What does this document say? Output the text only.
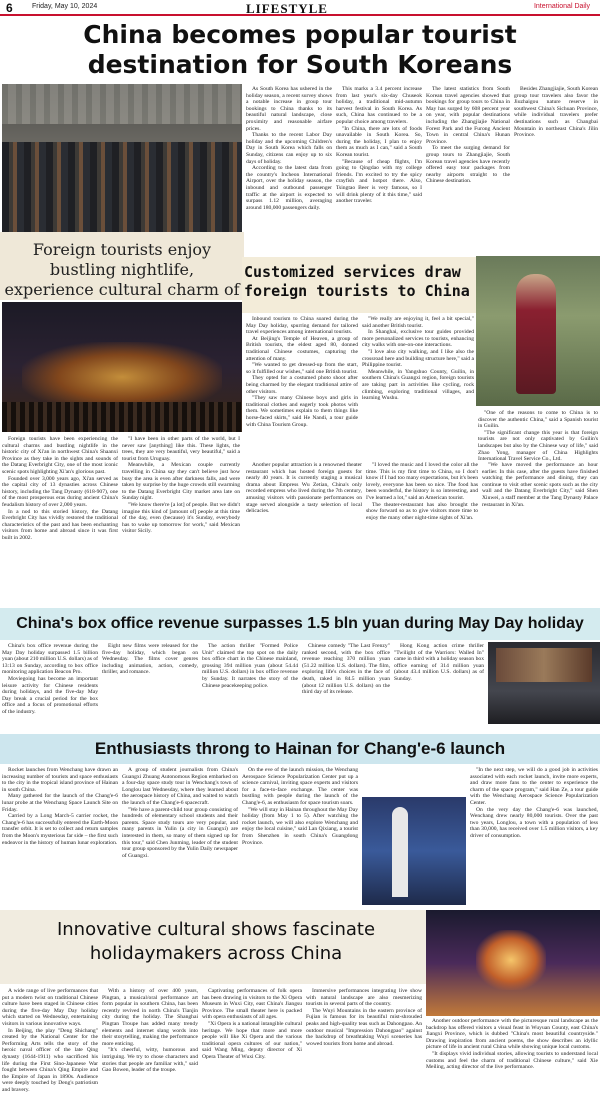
6	Friday, May 10, 2024	LIFESTYLE	International Daily
China becomes popular tourist destination for South Koreans

As South Korea has ushered in the holiday season, a recent survey shows a notable increase in group tour bookings to China thanks to its beautiful natural landscape, close proximity and reasonable airfare prices.

Thanks to the recent Labor Day holiday and the upcoming Children's Day in South Korea which falls on Sunday, citizens can enjoy up to six days of holiday.

According to the latest data from the country's Incheon International Airport, over the holiday season, the inbound and outbound passenger traffic at the airport is expected to surpass 1.12 million, averaging around 180,000 passengers daily.

This marks a 3.4 percent increase from last year's six-day Chuseok holiday, a traditional mid-autumn harvest festival in South Korea. As such, China has continued to be a popular choice among travelers.

"In China, there are lots of foods unavailable in South Korea. So, during the holiday, I plan to enjoy them as much as I can," said a South Korean tourist.

"Because of cheap flights, I'm going to Qingdao with my college friends. I'm excited to try the spicy crayfish and hotpot there. Also, Tsingtao Beer is very famous, so I will drink plenty of it this time," said another traveler.

The latest statistics from South Korean travel agencies showed that bookings for group tours to China in May has surged by 608 percent year on year, with popular destinations including the Zhangjiajie National Forest Park and the Furong Ancient Town in central China's Hunan Province.

To meet the surging demand for group tours to Zhangjiajie, South Korean travel agencies have recently offered easy tour packages from nearby airports straight to the Chinese destination.

Besides Zhangjiajie, South Korean group tour travelers also favor the Jiuzhaigou nature reserve in southwest China's Sichuan Province, while individual travelers prefer destinations such as Changbai Mountain in northeast China's Jilin Province.

Foreign tourists enjoy bustling nightlife, experience cultural charm of
Customized services draw foreign tourists to China

Inbound tourism to China soared during the May Day holiday, spurring demand for tailored travel experiences among international tourists.

At Beijing's Temple of Heaven, a group of British tourists, the eldest aged 80, donned traditional Chinese costumes, capturing the attention of many.

"We wanted to get dressed-up from the start, so it fulfilled our wishes," said one British tourist.

They opted for a costumed photo shoot after being charmed by the elegant traditional attire of other visitors.

"They saw many Chinese boys and girls in traditional clothes and eagerly took photos with them. We sometimes explain to them things like horse-faced skirts," said He Nandi, a tour guide with China Tourism Group.

"We really are enjoying it, feel a bit special," said another British tourist.

In Shanghai, exclusive tour guides provided more personalized services to tourists, enhancing city walks with one-on-one interactions.

"I love also city walking, and I like also the crossroad here and building structure here," said a Philippine tourist.

Meanwhile, in Yangshuo County, Guilin, in southern China's Guangxi region, foreign tourists are taking part in activities like cycling, rock climbing, exploring traditional villages, and learning Wushu.

"One of the reasons to come to China is to discover the authentic China," said a Spanish tourist in Guilin.

"The significant change this year is that foreign tourists are not only captivated by Guilin's landscapes but also by the Chinese way of life," said Zhao Yong, manager of China Highlights International Travel Service Co., Ltd.

Foreign tourists have been experiencing the cultural charms and bustling nightlife in the historic city of Xi'an in northwest China's Shaanxi Province as they take in the sights and sounds of the Datang Everbright City, one of the most iconic scenic spots highlighting Xi'an's glorious past.

Founded over 3,000 years ago, Xi'an served as the capital city of 13 dynasties across Chinese history, including the Tang Dynasty (618-907), one of the most prosperous eras during ancient China's feudalism history of over 2,000 years.

In a nod to this storied history, the Datang Everbright City has vividly restored the traditional characteristics of the past and has been enchanting visitors from home and abroad since it was first built in 2002.

"I have been in other parts of the world, but I never saw [anything] like this. These lights, the trees, they are very beautiful, very beautiful," said a tourist from Uruguay.

Meanwhile, a Mexican couple currently travelling in China say they can't believe just how busy the area is even after darkness falls, and were taken by surprise by the huge crowds still swarming to the Datang Everbright City market area late on Sunday night.

"We know there're [a lot] of people. But we didn't imagine this kind of [amount of] people at this time of the day, even (because) it's Sunday, everybody has to wake up tomorrow for work," said Mexican visitor Sicily.

Another popular attraction is a renowned theater restaurant which has hosted foreign guests for nearly 40 years. It is currently staging a musical drama about Empress Wu Zetian, China's only recorded empress who lived during the 7th century, amusing visitors with passionate performances on stage served alongside a tasty selection of local delicacies.

"I loved the music and I loved the color all the time. This is my first time to China, so I don't know if I had too many expectations, but it's been lovely, everyone has been so nice. The food has been wonderful, the history is so interesting, and I've learned a lot," said an American tourist.

The theater-restaurant has also brought the show forward so as to give visitors more time to enjoy the many other night-time sights of Xi'an.

"We have moved the performance an hour earlier. In this case, after the guests have finished watching the performance and dining, they can continue to visit other scenic spots such as the city wall and the Datang Everbright City," said Shen Xiuwei, a staff member at the Tang Dynasty Palace restaurant in Xi'an.

China's box office revenue surpasses 1.5 bln yuan during May Day holiday

China's box office revenue during the May Day holiday surpassed 1.5 billion yuan (about 210 million U.S. dollars) as of 13:13 on Sunday, according to box office monitoring application Beacon Pro.

Moviegoing has become an important leisure activity for Chinese residents during holidays, and the five-day May Day break a crucial period for the box office and a focus of promotional efforts of the industry.

Eight new films were released for the five-day holiday, which began on Wednesday. The films cover genres including animation, action, comedy, thriller, and romance.

The action thriller "Formed Police Unit" claimed the top spot on the daily box office chart in the Chinese mainland, grossing 394 million yuan (about 54.44 million U.S. dollars) in box office revenue by Sunday. It narrates the story of the Chinese peacekeeping police.

Chinese comedy "The Last Frenzy" ranked second, with the box office revenue reaching 370 million yuan (51.22 million U.S. dollars). The film, exploring life's choices in the face of death, raked in 84.5 million yuan (about 12 million U.S. dollars) on the third day of its release.

Hong Kong action crime thriller "Twilight of the Warriors: Walled In" came in third with a holiday season box office earning of 314 million yuan (about 43.4 million U.S. dollars) as of Sunday.

Enthusiasts throng to Hainan for Chang'e-6 launch

Rocket launches from Wenchang have drawn an increasing number of tourists and space enthusiasts to the city in the tropical island province of Hainan in south China.

Many gathered for the launch of the Chang'e-6 lunar probe at the Wenchang Space Launch Site on Friday.

Carried by a Long March-5 carrier rocket, the Chang'e-6 has successfully entered the Earth-Moon transfer orbit. It is set to collect and return samples from the Moon's mysterious far side – the first such endeavor in the history of human lunar exploration.

A group of student journalists from China's Guangxi Zhuang Autonomous Region embarked on a four-day space study tour in Wenchang's town of Longlou last Wednesday, where they learned about the aerospace history of China, and waited to watch the launch of the Chang'e-6 spacecraft.

"We have a parent-child tour group consisting of hundreds of elementary school students and their parents. Space study tours are very popular, and many parents in Yulin (a city in Guangxi) are interested in them, so many of them signed up for this tour," said Chen Junming, leader of the student tour group sponsored by the Yulin Daily newspaper of Guangxi.

On the eve of the launch mission, the Wenchang Aerospace Science Popularization Center put up a science carnival, inviting space experts and visitors for a face-to-face exchange. The center was bustling with people during the launch of the Chang'e-6, as enthusiasm for space tourism soars.

"We will stay in Hainan throughout the May Day holiday (from May 1 to 5). After watching the rocket launch, we will also explore Wenchang and enjoy the local cuisine," said Lan Qixiang, a tourist from Shenzhen in south China's Guangdong Province.

"In the next step, we will do a good job in activities associated with each rocket launch, invite more experts, and draw more fans to the center to experience the charm of the space program," said Han Ze, a tour guide with the Wenchang Aerospace Science Popularization Center.

On the very day the Chang'e-6 was launched, Wenchang drew nearly 80,000 tourists. Over the past two years, Longlou, a town with a population of less than 30,000, has received over 1.5 million visitors, a key driver of consumption.

Innovative cultural shows fascinate holidaymakers across China

A wide range of live performances that put a modern twist on traditional Chinese culture have been staged in Chinese cities during the five-day May Day holiday which started on Wednesday, entertaining visitors in various innovative ways.

In Beijing, the play "Deng Shichang" created by the National Center for the Performing Arts tells the story of the heroic naval officer of the late Qing dynasty (1644-1911) who sacrificed his life during the First Sino-Japanese War fought between China's Qing Empire and the Empire of Japan in 1890s. Audience were deeply touched by Deng's patriotism and bravery.

With a history of over 400 years, Pingtan, a musical/oral performance art form popular in southern China, has been recently revived in north China's Tianjin city during the holiday. The Shanghai Pingtan Troupe has added many trendy elements and internet slang words into their storytelling, making the performance more enticing.

"It's cheerful, witty, humorous and intriguing. We try to chose characters and stories that people are familiar with," said Gao Bowen, leader of the troupe.

Captivating performances of folk opera has been drawing in visitors to the Xi Opera Museum in Wuxi City, east China's Jiangsu Province. The small theater here is packed with opera enthusiasts of all ages.

"Xi Opera is a national intangible cultural heritage. We hope that more and more people will like Xi Opera and the various traditional opera cultures of our nation," said Wang Ming, deputy director of Xi Opera Theater of Wuxi City.

Immersive performances integrating live show with natural landscape are also mesmerizing tourists in several parts of the country.

The Wuyi Mountains in the eastern province of Fujian is famous for its beautiful mist-shrouded peaks and high-quality teas such as Dahongpao. An outdoor musical "Impression Dahongpao" against the backdrop of breathtaking Wuyi sceneries has wowed tourists from home and abroad.

Another outdoor performance with the picturesque rural landscape as the backdrop has offered visitors a visual feast in Wuyuan County, east China's Jiangxi Province, which is dubbed "China's most beautiful countryside." Drawing inspiration from ancient poems, the show describes an idyllic picture of life in ancient rural China while showing unique local customs.

"It displays vivid individual stories, allowing tourists to understand local customs and feel the charm of traditional Chinese culture," said Xie Meiling, acting director of the live performance.
